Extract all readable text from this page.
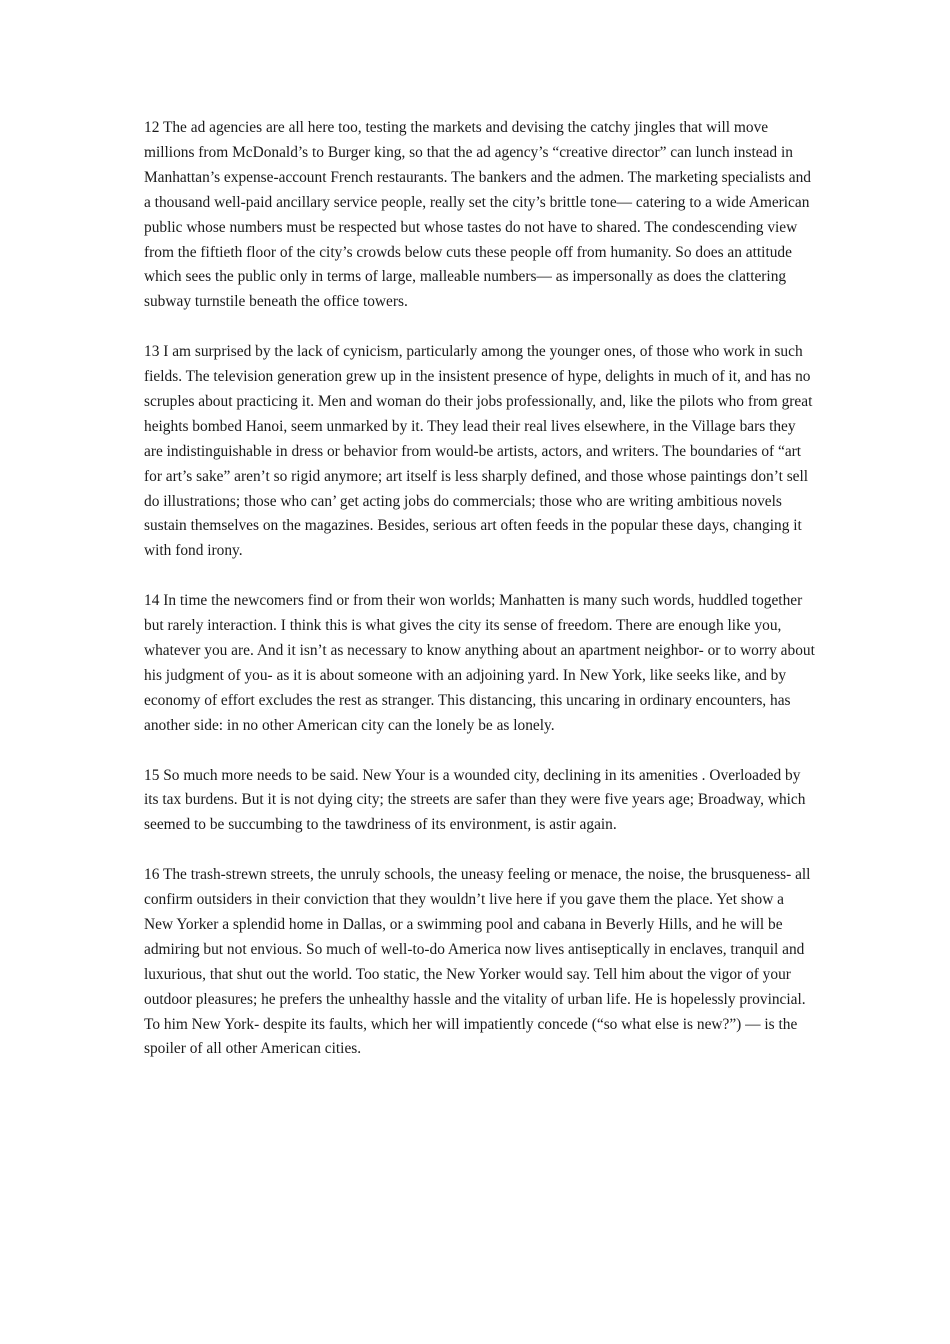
12 The ad agencies are all here too, testing the markets and devising the catchy jingles that will move millions from McDonald’s to Burger king, so that the ad agency’s “creative director” can lunch instead in Manhattan’s expense-account French restaurants. The bankers and the admen. The marketing specialists and a thousand well-paid ancillary service people, really set the city’s brittle tone— catering to a wide American public whose numbers must be respected but whose tastes do not have to shared. The condescending view from the fiftieth floor of the city’s crowds below cuts these people off from humanity. So does an attitude which sees the public only in terms of large, malleable numbers— as impersonally as does the clattering subway turnstile beneath the office towers.

13 I am surprised by the lack of cynicism, particularly among the younger ones, of those who work in such fields. The television generation grew up in the insistent presence of hype, delights in much of it, and has no scruples about practicing it. Men and woman do their jobs professionally, and, like the pilots who from great heights bombed Hanoi, seem unmarked by it. They lead their real lives elsewhere, in the Village bars they are indistinguishable in dress or behavior from would-be artists, actors, and writers. The boundaries of “art for art’s sake” aren’t so rigid anymore; art itself is less sharply defined, and those whose paintings don’t sell do illustrations; those who can’ get acting jobs do commercials; those who are writing ambitious novels sustain themselves on the magazines. Besides, serious art often feeds in the popular these days, changing it with fond irony.

14 In time the newcomers find or from their won worlds; Manhatten is many such words, huddled together but rarely interaction. I think this is what gives the city its sense of freedom. There are enough like you, whatever you are. And it isn’t as necessary to know anything about an apartment neighbor- or to worry about his judgment of you- as it is about someone with an adjoining yard. In New York, like seeks like, and by economy of effort excludes the rest as stranger. This distancing, this uncaring in ordinary encounters, has another side: in no other American city can the lonely be as lonely.

15 So much more needs to be said. New Your is a wounded city, declining in its amenities . Overloaded by its tax burdens. But it is not dying city; the streets are safer than they were five years age; Broadway, which seemed to be succumbing to the tawdriness of its environment, is astir again.

16 The trash-strewn streets, the unruly schools, the uneasy feeling or menace, the noise, the brusqueness- all confirm outsiders in their conviction that they wouldn’t live here if you gave them the place. Yet show a New Yorker a splendid home in Dallas, or a swimming pool and cabana in Beverly Hills, and he will be admiring but not envious. So much of well-to-do America now lives antiseptically in enclaves, tranquil and luxurious, that shut out the world. Too static, the New Yorker would say. Tell him about the vigor of your outdoor pleasures; he prefers the unhealthy hassle and the vitality of urban life. He is hopelessly provincial. To him New York- despite its faults, which her will impatiently concede (“so what else is new?”) — is the spoiler of all other American cities.
